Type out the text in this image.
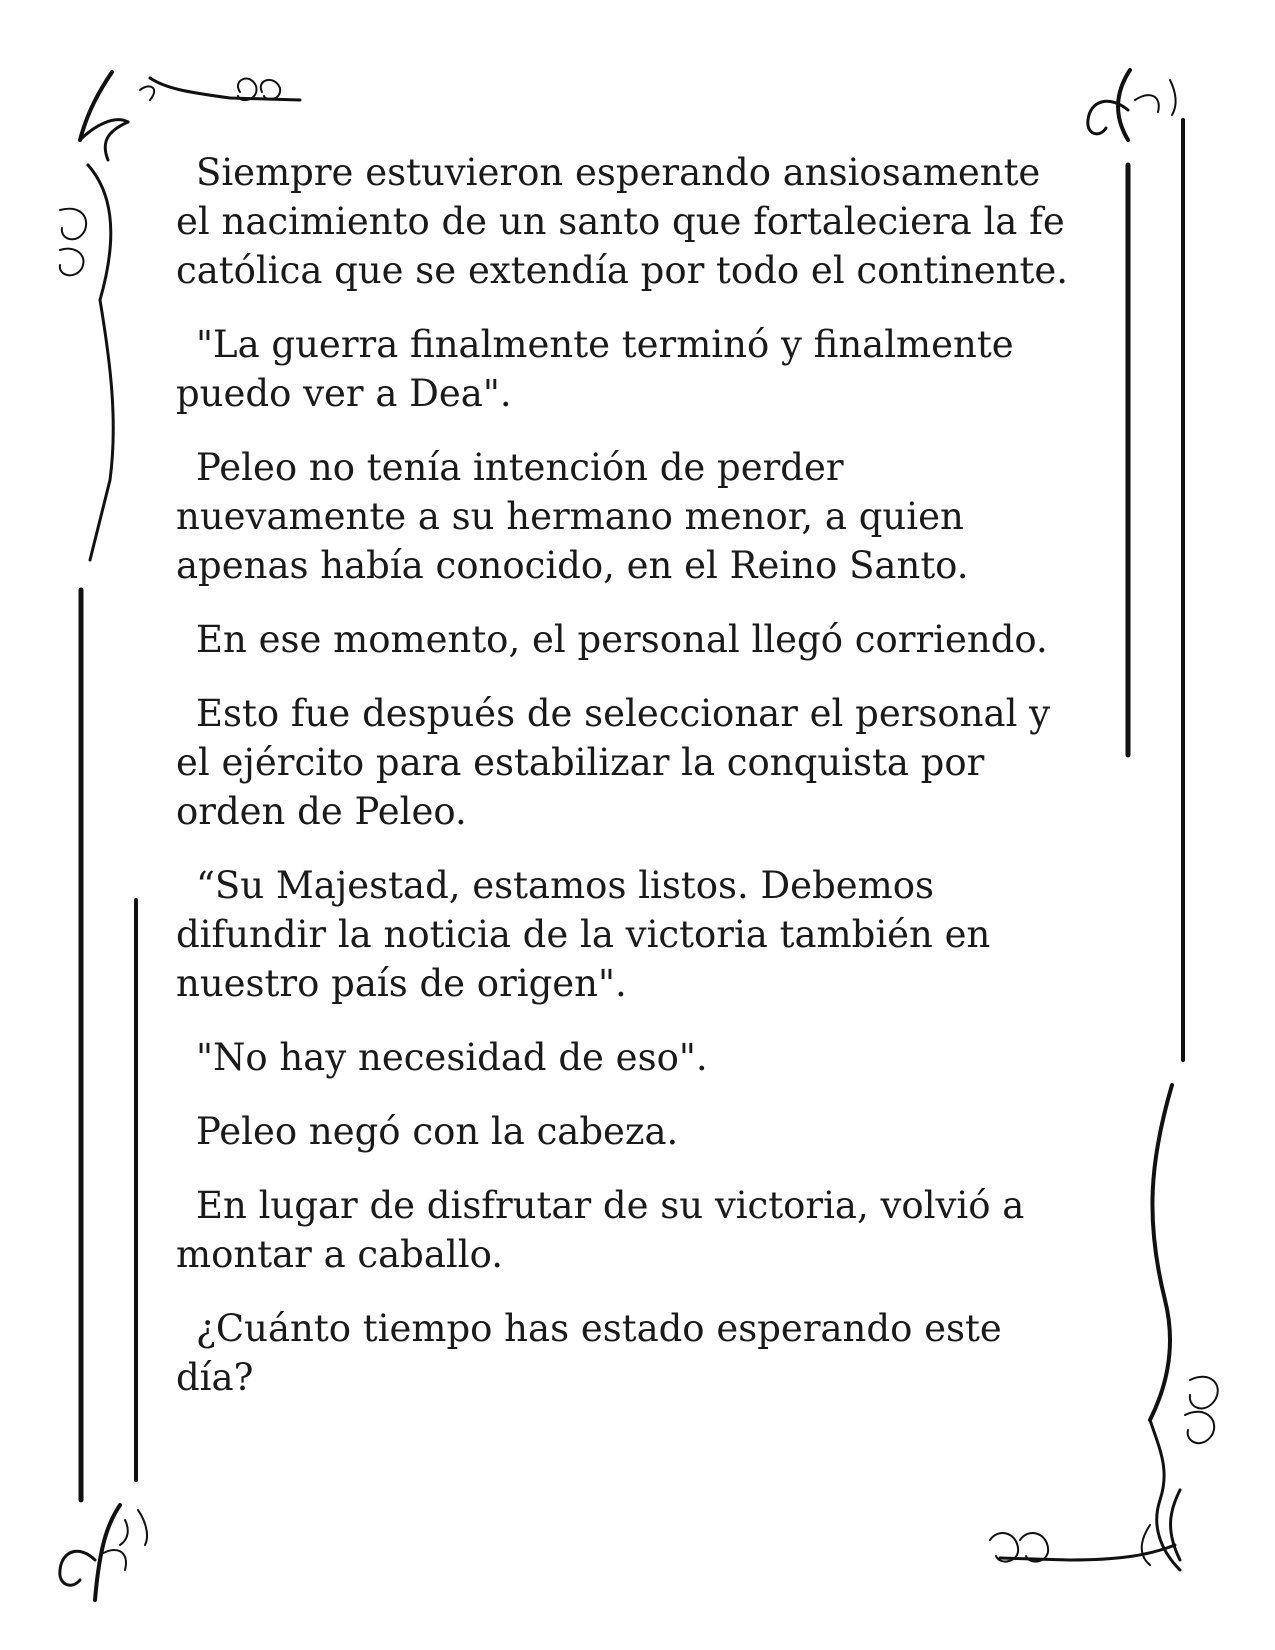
Siempre estuvieron esperando ansiosamente el nacimiento de un santo que fortaleciera la fe católica que se extendía por todo el continente.

"La guerra finalmente terminó y finalmente puedo ver a Dea".

Peleo no tenía intención de perder nuevamente a su hermano menor, a quien apenas había conocido, en el Reino Santo.

En ese momento, el personal llegó corriendo.

Esto fue después de seleccionar el personal y el ejército para estabilizar la conquista por orden de Peleo.

“Su Majestad, estamos listos. Debemos difundir la noticia de la victoria también en nuestro país de origen".

"No hay necesidad de eso".

Peleo negó con la cabeza.

En lugar de disfrutar de su victoria, volvió a montar a caballo.

¿Cuánto tiempo has estado esperando este día?
